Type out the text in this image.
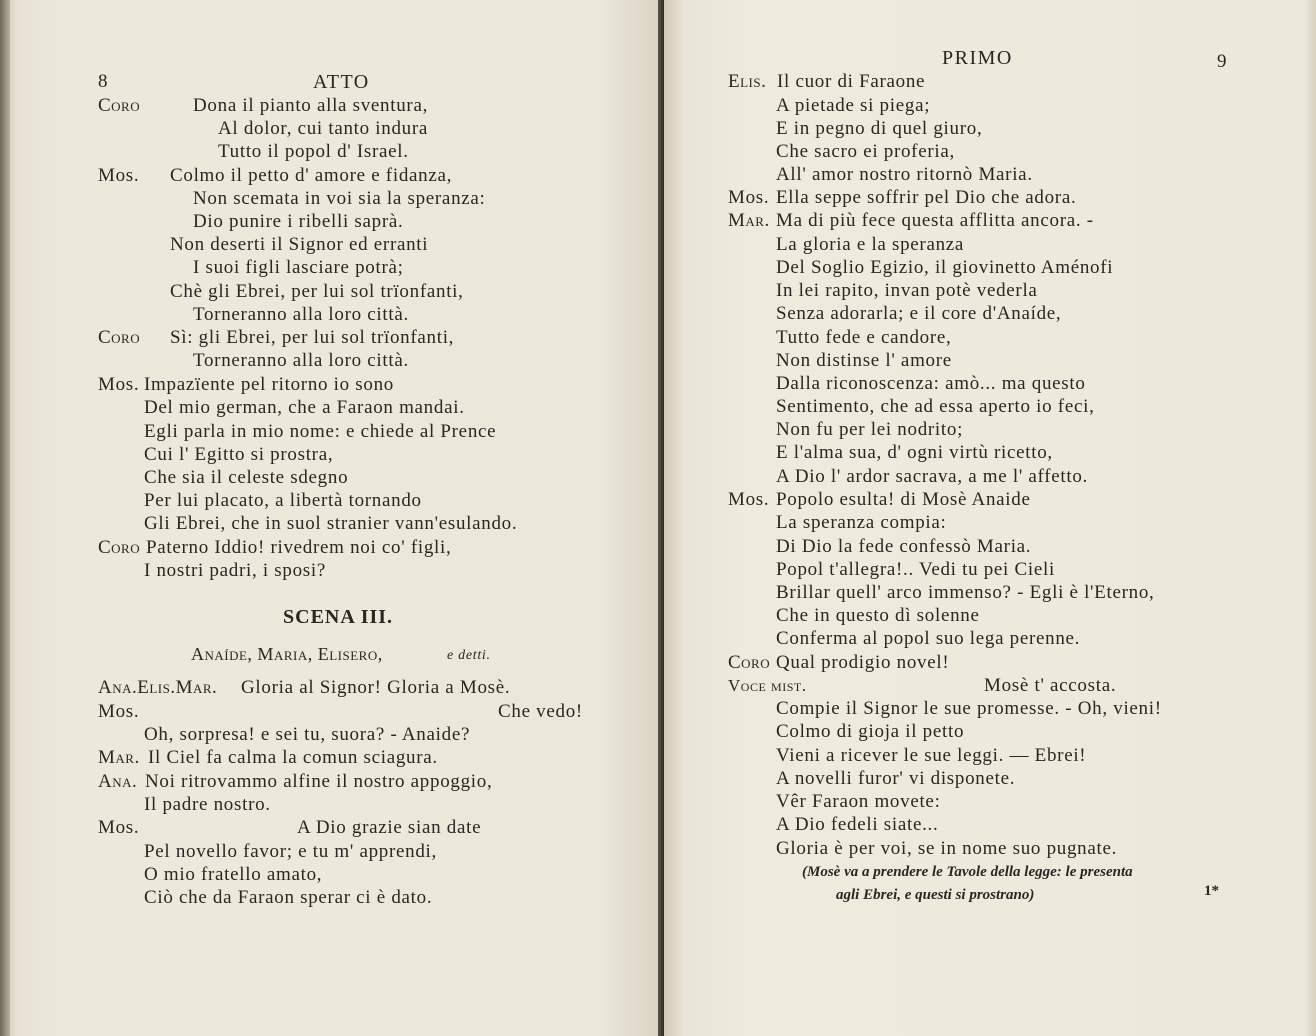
8	ATTO
Coro	Dona il pianto alla sventura,
Al dolor, cui tanto indura
Tutto il popol d' Israel.
Mos. Colmo il petto d' amore e fidanza,
Non scemata in voi sia la speranza:
Dio punire i ribelli saprà.
Non deserti il Signor ed erranti
I suoi figli lasciare potrà;
Chè gli Ebrei, per lui sol trïonfanti,
Torneranno alla loro città.
Coro Sì: gli Ebrei, per lui sol trïonfanti,
Torneranno alla loro città.
Mos. Impazïente pel ritorno io sono
Del mio german, che a Faraon mandai.
Egli parla in mio nome: e chiede al Prence
Cui l' Egitto si prostra,
Che sia il celeste sdegno
Per lui placato, a libertà tornando
Gli Ebrei, che in suol stranier vann'esulando.
Coro Paterno Iddio! rivedrem noi co' figli,
I nostri padri, i sposi?
SCENA III.
Anaíde, Maria, Elisero,	e detti.
Ana.Elis.Mar. Gloria al Signor! Gloria a Mosè.
Mos.	Che vedo!
Oh, sorpresa! e sei tu, suora? - Anaide?
Mar. Il Ciel fa calma la comun sciagura.
Ana. Noi ritrovammo alfine il nostro appoggio,
Il padre nostro.
Mos.	A Dio grazie sian date
Pel novello favor; e tu m' apprendi,
O mio fratello amato,
Ciò che da Faraon sperar ci è dato.
PRIMO	9
Elis. Il cuor di Faraone
A pietade si piega;
E in pegno di quel giuro,
Che sacro ei proferia,
All' amor nostro ritornò Maria.
Mos. Ella seppe soffrir pel Dio che adora.
Mar. Ma di più fece questa afflitta ancora. -
La gloria e la speranza
Del Soglio Egizio, il giovinetto Aménofi
In lei rapito, invan potè vederla
Senza adorarla; e il core d'Anaíde,
Tutto fede e candore,
Non distinse l' amore
Dalla riconoscenza: amò... ma questo
Sentimento, che ad essa aperto io feci,
Non fu per lei nodrito;
E l'alma sua, d' ogni virtù ricetto,
A Dio l' ardor sacrava, a me l' affetto.
Mos. Popolo esulta! di Mosè Anaide
La speranza compia:
Di Dio la fede confessò Maria.
Popol t'allegra!.. Vedi tu pei Cieli
Brillar quell' arco immenso? - Egli è l'Eterno,
Che in questo dì solenne
Conferma al popol suo lega perenne.
Coro Qual prodigio novel!
Voce mist.	Mosè t' accosta.
Compie il Signor le sue promesse. - Oh, vieni!
Colmo di gioja il petto
Vieni a ricever le sue leggi. — Ebrei!
A novelli furor' vi disponete.
Vêr Faraon movete:
A Dio fedeli siate...
Gloria è per voi, se in nome suo pugnate.
(Mosè va a prendere le Tavole della legge: le presenta
agli Ebrei, e questi si prostrano)	1*
